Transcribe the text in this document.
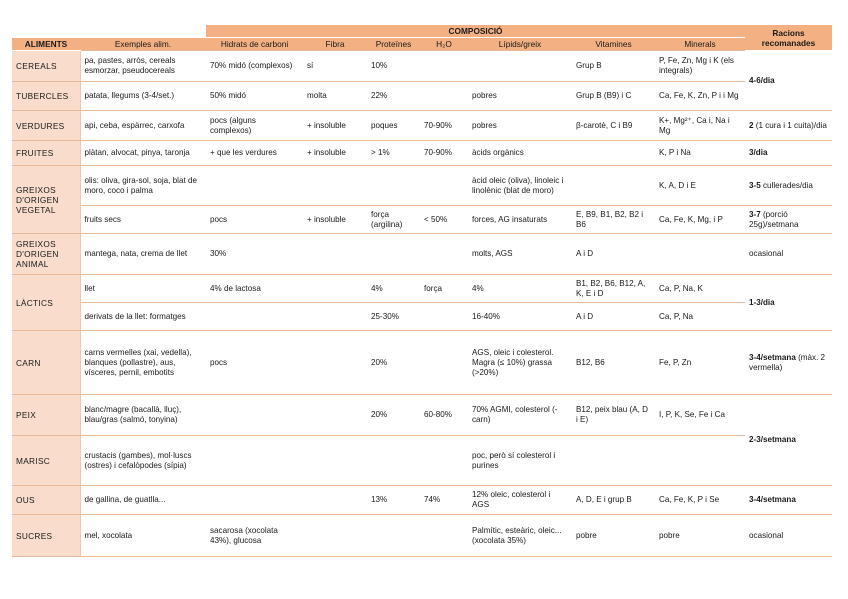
		COMPOSICIÓ							Racions recomanades
ALIMENTS	Exemples alim.	Hidrats de carboni	Fibra	Proteïnes	H₂O	Lípids/greix	Vitamines	Minerals	
CEREALS	pa, pastes, arròs, cereals esmorzar, pseudocereals	70% midó (complexos)	sí	10%			Grup B	P, Fe, Zn, Mg i K (els integrals)	4-6/dia
TUBERCLES	patata, llegums (3-4/set.)	50% midó	molta	22%		pobres	Grup B (B9) i C	Ca, Fe, K, Zn, P i i Mg	
VERDURES	api, ceba, espàrrec, carxofa	pocs (alguns complexos)	+ insoluble	poques	70-90%	pobres	β-carotè, C i B9	K+, Mg²⁺, Ca i, Na i Mg	2 (1 cura i 1 cuita)/dia
FRUITES	plàtan, alvocat, pinya, taronja	+ que les verdures	+ insoluble	> 1%	70-90%	àcids orgànics		K, P i Na	3/dia
GREIXOS D'ORIGEN VEGETAL	olis: oliva, gira-sol, soja, blat de moro, coco i palma					àcid oleic (oliva), linoleic i linolènic (blat de moro)		K, A, D i E	3-5 cullerades/dia
	fruits secs	pocs	+ insoluble	força (argilina)	< 50%	forces, AG insaturats	E, B9, B1, B2, B2 i B6	Ca, Fe, K, Mg, i P	3-7 (porció 25g)/setmana
GREIXOS D'ORIGEN ANIMAL	mantega, nata, crema de llet	30%				molts, AGS	A i D		ocasional
LÀCTICS	llet	4% de lactosa		4%	força	4%	B1, B2, B6, B12, A, K, E i D	Ca, P, Na, K	1-3/dia
	derivats de la llet: formatges			25-30%		16-40%	A i D	Ca, P, Na	
CARN	carns vermelles (xai, vedella), blanques (pollastre), aus, vísceres, pernil, embotits	pocs		20%		AGS, oleic i colesterol. Magra (≤ 10%) grassa (>20%)	B12, B6	Fe, P, Zn	3-4/setmana (màx. 2 vermella)
PEIX	blanc/magre (bacallà, lluç), blau/gras (salmó, tonyina)			20%	60-80%	70% AGMI, colesterol (- carn)	B12, peix blau (A, D i E)	I, P, K, Se, Fe i Ca	2-3/setmana
MARISC	crustacis (gambes), mol·luscs (ostres) i cefalòpodes (sípia)					poc, però sí colesterol i purines			
OUS	de gallina, de guatlla...			13%	74%	12% oleic, colesterol i AGS	A, D, E i grup B	Ca, Fe, K, P i Se	3-4/setmana
SUCRES	mel, xocolata	sacarosa (xocolata 43%), glucosa				Palmític, esteàric, oleic... (xocolata 35%)	pobre	pobre	ocasional
